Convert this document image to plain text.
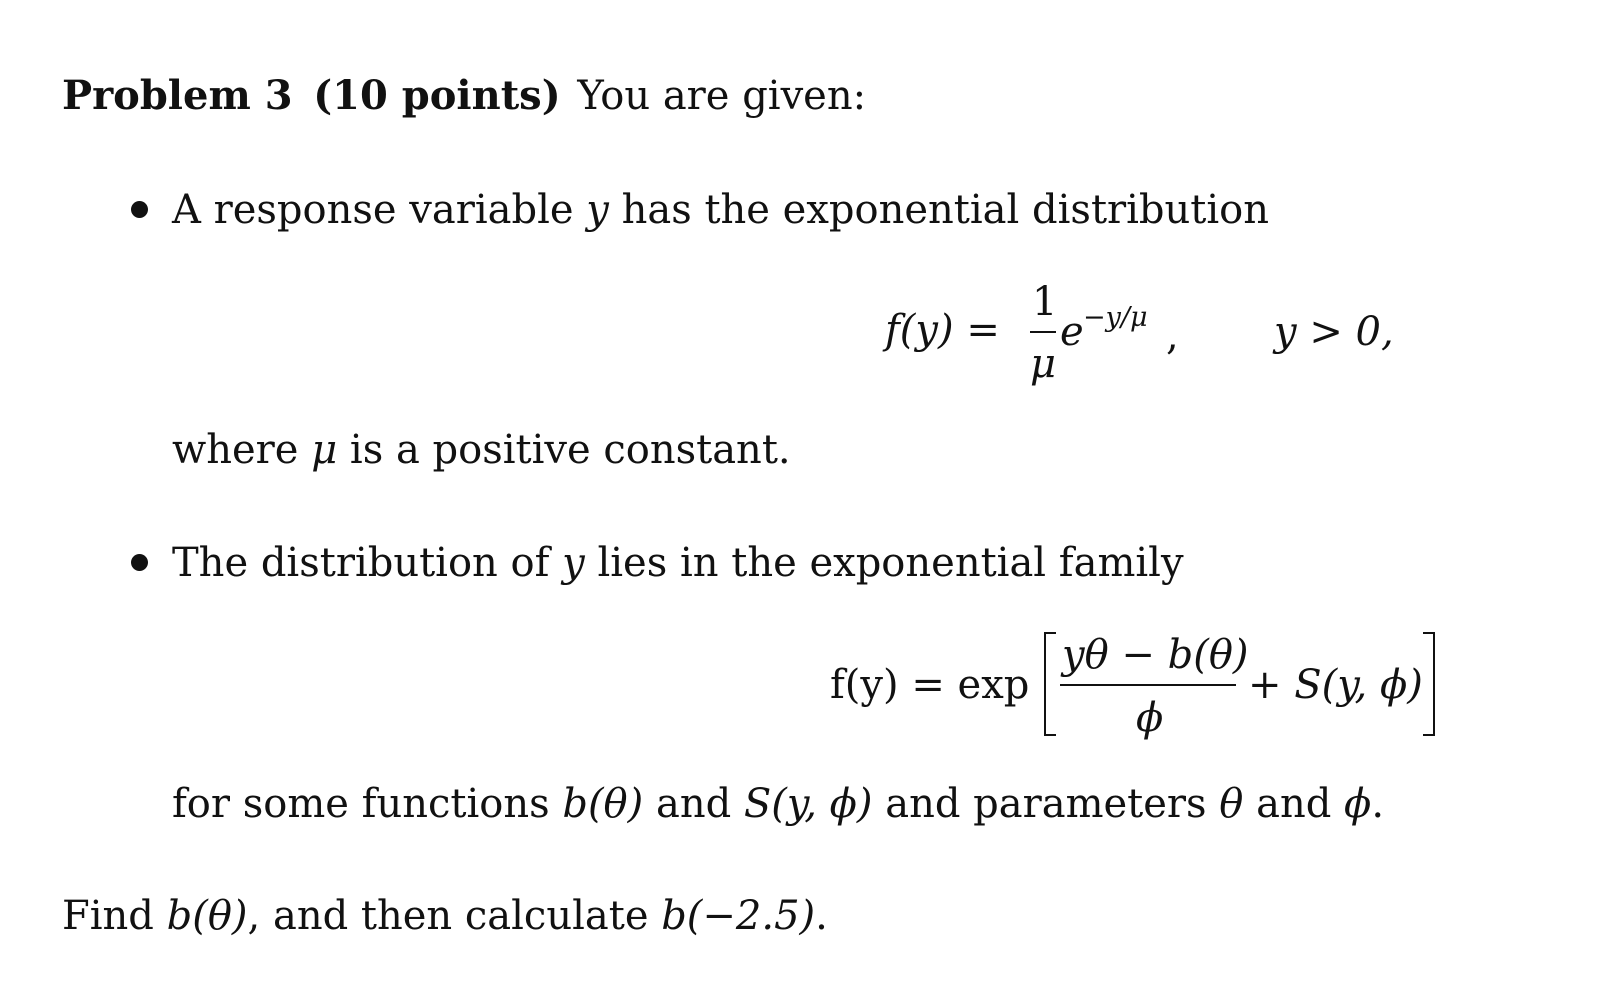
Problem 3 (10 points) You are given:
A response variable y has the exponential distribution
f(y) =
1
μ
e −y/μ , y > 0,
where μ is a positive constant.
The distribution of y lies in the exponential family
f(y) = exp
yθ − b(θ)
ϕ
+ S(y, ϕ)
for some functions b(θ) and S(y, ϕ) and parameters θ and ϕ.
Find b(θ), and then calculate b(−2.5).
